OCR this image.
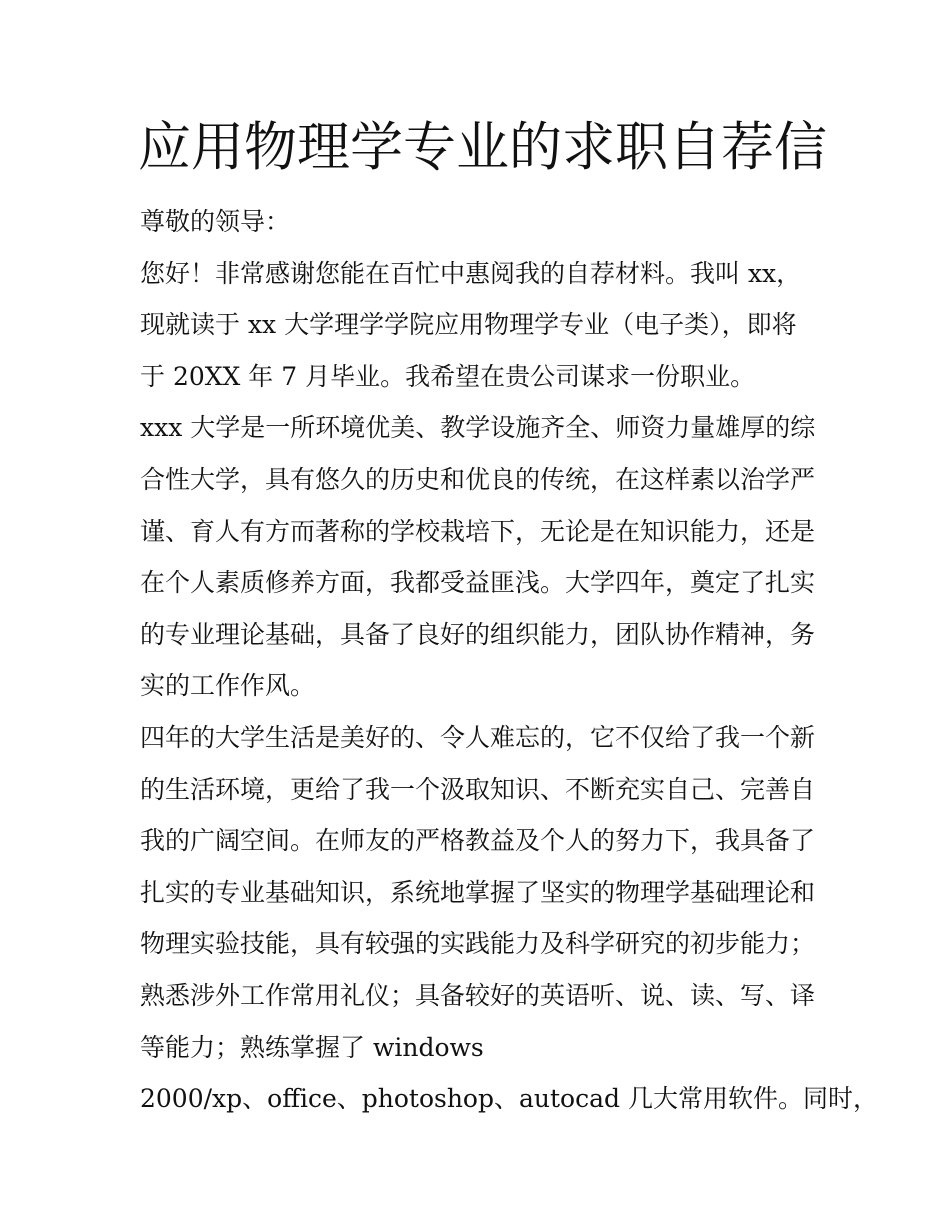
应用物理学专业的求职自荐信
尊敬的领导：
您好！非常感谢您能在百忙中惠阅我的自荐材料。我叫 xx，
现就读于 xx 大学理学学院应用物理学专业（电子类），即将
于 20XX 年 7 月毕业。我希望在贵公司谋求一份职业。
xxx 大学是一所环境优美、教学设施齐全、师资力量雄厚的综
合性大学，具有悠久的历史和优良的传统，在这样素以治学严
谨、育人有方而著称的学校栽培下，无论是在知识能力，还是
在个人素质修养方面，我都受益匪浅。大学四年，奠定了扎实
的专业理论基础，具备了良好的组织能力，团队协作精神，务
实的工作作风。
四年的大学生活是美好的、令人难忘的，它不仅给了我一个新
的生活环境，更给了我一个汲取知识、不断充实自己、完善自
我的广阔空间。在师友的严格教益及个人的努力下，我具备了
扎实的专业基础知识，系统地掌握了坚实的物理学基础理论和
物理实验技能，具有较强的实践能力及科学研究的初步能力；
熟悉涉外工作常用礼仪；具备较好的英语听、说、读、写、译
等能力；熟练掌握了 windows
2000/xp、office、photoshop、autocad 几大常用软件。同时，
